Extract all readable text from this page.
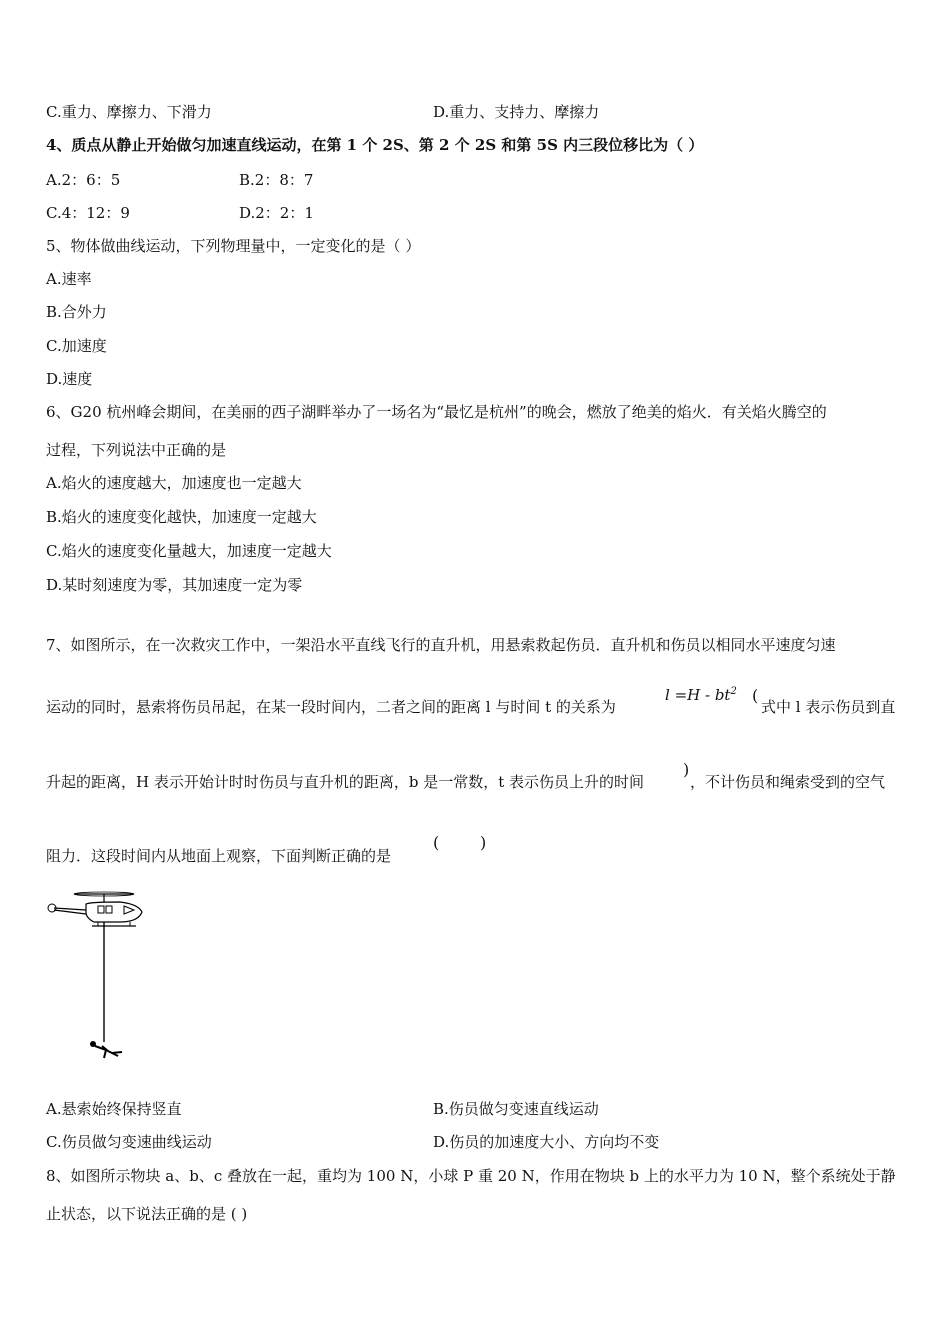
C.重力、摩擦力、下滑力	D.重力、支持力、摩擦力
4、质点从静止开始做匀加速直线运动，在第 1 个 2S、第 2 个 2S 和第 5S 内三段位移比为（ ）
A.2：6：5	B.2：8：7
C.4：12：9	D.2：2：1
5、物体做曲线运动，下列物理量中，一定变化的是（ ）
A.速率
B.合外力
C.加速度
D.速度
6、G20 杭州峰会期间，在美丽的西子湖畔举办了一场名为“最忆是杭州”的晚会，燃放了绝美的焰火．有关焰火腾空的
过程，下列说法中正确的是
A.焰火的速度越大，加速度也一定越大
B.焰火的速度变化越快，加速度一定越大
C.焰火的速度变化量越大，加速度一定越大
D.某时刻速度为零，其加速度一定为零
7、如图所示，在一次救灾工作中，一架沿水平直线飞行的直升机，用悬索救起伤员．直升机和伤员以相同水平速度匀速
运动的同时，悬索将伤员吊起，在某一段时间内，二者之间的距离 l 与时间 t 的关系为
$l =H - bt^2$ (
式中 l 表示伤员到直
升起的距离，H 表示开始计时时伤员与直升机的距离，b 是一常数，t 表示伤员上升的时间
)
，不计伤员和绳索受到的空气
阻力．这段时间内从地面上观察，下面判断正确的是
(	)
A.悬索始终保持竖直	B.伤员做匀变速直线运动
C.伤员做匀变速曲线运动	D.伤员的加速度大小、方向均不变
8、如图所示物块 a、b、c 叠放在一起，重均为 100 N，小球 P 重 20 N，作用在物块 b 上的水平力为 10 N，整个系统处于静
止状态，以下说法正确的是 ( )
